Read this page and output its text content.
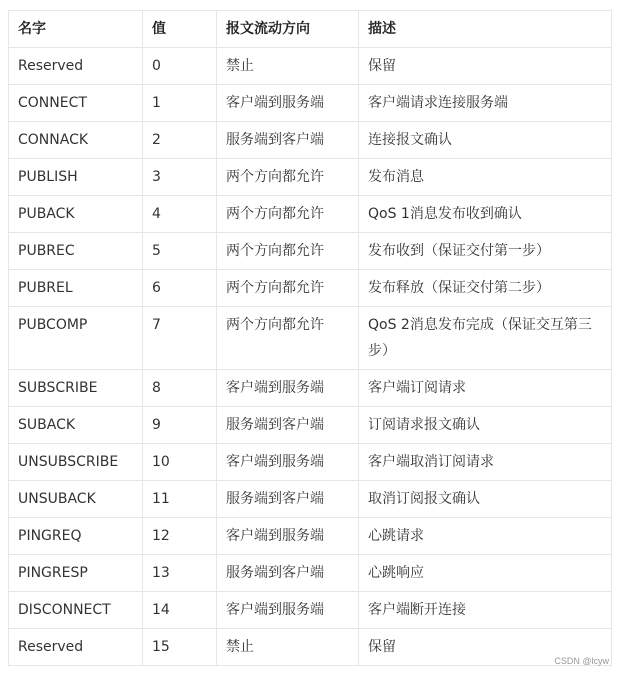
名字	值	报文流动方向	描述
Reserved	0	禁止	保留
CONNECT	1	客户端到服务端	客户端请求连接服务端
CONNACK	2	服务端到客户端	连接报文确认
PUBLISH	3	两个方向都允许	发布消息
PUBACK	4	两个方向都允许	QoS 1消息发布收到确认
PUBREC	5	两个方向都允许	发布收到（保证交付第一步）
PUBREL	6	两个方向都允许	发布释放（保证交付第二步）
PUBCOMP	7	两个方向都允许	QoS 2消息发布完成（保证交互第三步）
SUBSCRIBE	8	客户端到服务端	客户端订阅请求
SUBACK	9	服务端到客户端	订阅请求报文确认
UNSUBSCRIBE	10	客户端到服务端	客户端取消订阅请求
UNSUBACK	11	服务端到客户端	取消订阅报文确认
PINGREQ	12	客户端到服务端	心跳请求
PINGRESP	13	服务端到客户端	心跳响应
DISCONNECT	14	客户端到服务端	客户端断开连接
Reserved	15	禁止	保留
CSDN @lcyw
